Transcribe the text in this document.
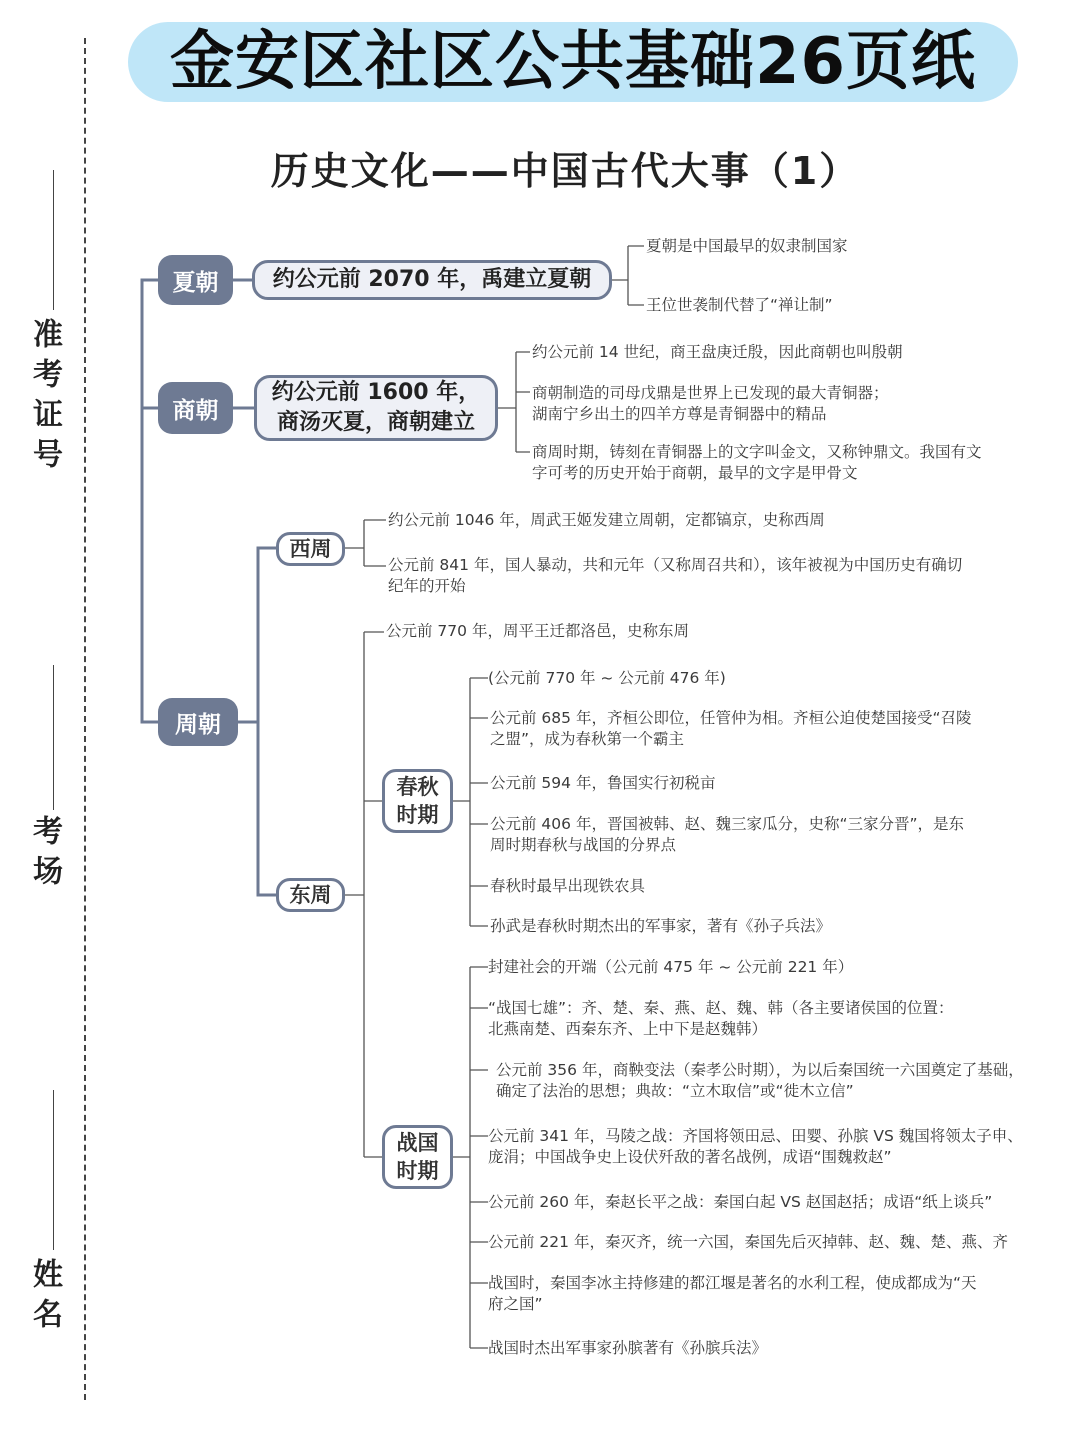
准考证号
考场
姓名
金安区社区公共基础26页纸
历史文化——中国古代大事（1）
夏朝	约公元前 2070 年，禹建立夏朝
夏朝是中国最早的奴隶制国家
王位世袭制代替了“禅让制”
商朝
约公元前 1600 年，
商汤灭夏，商朝建立
约公元前 14 世纪，商王盘庚迁殷，因此商朝也叫殷朝
商朝制造的司母戊鼎是世界上已发现的最大青铜器；
湖南宁乡出土的四羊方尊是青铜器中的精品
商周时期，铸刻在青铜器上的文字叫金文，又称钟鼎文。我国有文
字可考的历史开始于商朝，最早的文字是甲骨文
周朝
西周
约公元前 1046 年，周武王姬发建立周朝，定都镐京，史称西周
公元前 841 年，国人暴动，共和元年（又称周召共和），该年被视为中国历史有确切
纪年的开始
东周
公元前 770 年，周平王迁都洛邑，史称东周
春秋
时期
(公元前 770 年 ~ 公元前 476 年)
公元前 685 年，齐桓公即位，任管仲为相。齐桓公迫使楚国接受“召陵
之盟”，成为春秋第一个霸主
公元前 594 年，鲁国实行初税亩
公元前 406 年，晋国被韩、赵、魏三家瓜分，史称“三家分晋”，是东
周时期春秋与战国的分界点
春秋时最早出现铁农具
孙武是春秋时期杰出的军事家，著有《孙子兵法》
战国
时期
封建社会的开端（公元前 475 年 ~ 公元前 221 年）
“战国七雄”：齐、楚、秦、燕、赵、魏、韩（各主要诸侯国的位置：
北燕南楚、西秦东齐、上中下是赵魏韩）
公元前 356 年，商鞅变法（秦孝公时期），为以后秦国统一六国奠定了基础，
确定了法治的思想；典故：“立木取信”或“徙木立信”
公元前 341 年，马陵之战：齐国将领田忌、田婴、孙膑 VS 魏国将领太子申、
庞涓；中国战争史上设伏歼敌的著名战例，成语“围魏救赵”
公元前 260 年，秦赵长平之战：秦国白起 VS 赵国赵括；成语“纸上谈兵”
公元前 221 年，秦灭齐，统一六国，秦国先后灭掉韩、赵、魏、楚、燕、齐
战国时，秦国李冰主持修建的都江堰是著名的水利工程，使成都成为“天
府之国”
战国时杰出军事家孙膑著有《孙膑兵法》
